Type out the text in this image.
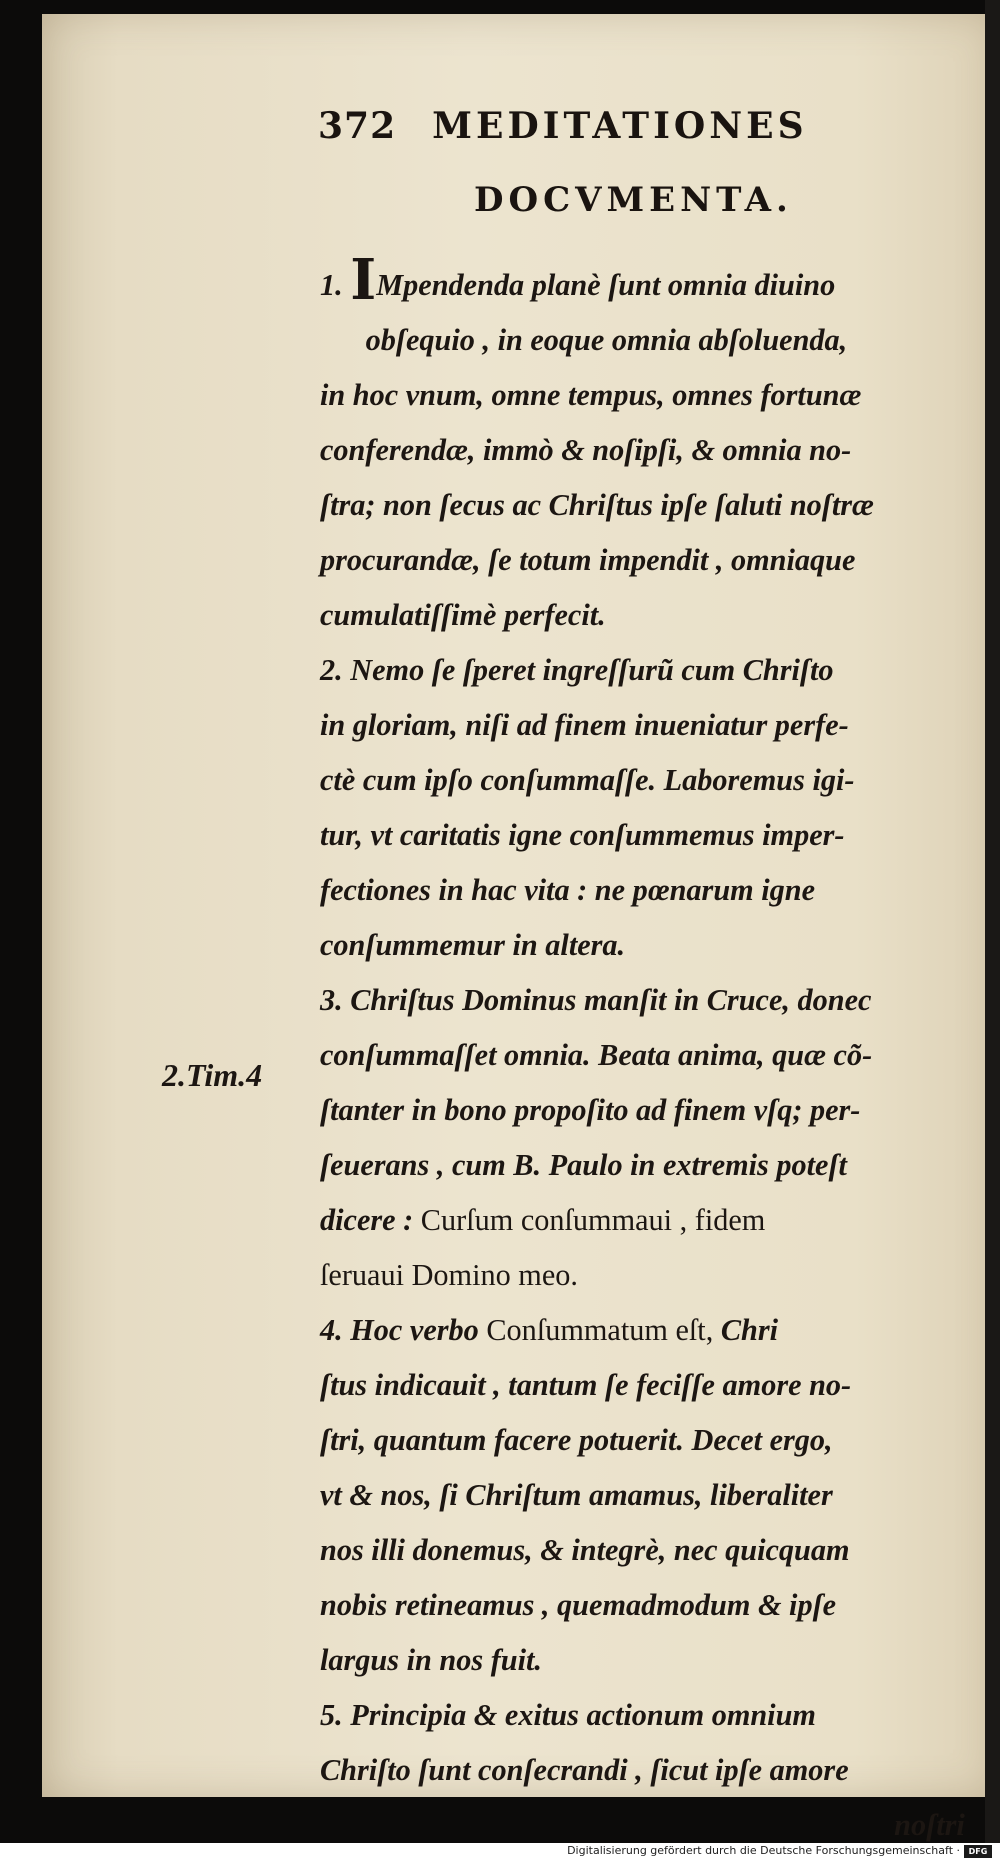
372 MEDITATIONES
DOCVMENTA.
2.Tim.4
1. IMpendenda planè ſunt omnia diuino
obſequio , in eoque omnia abſoluenda,
in hoc vnum, omne tempus, omnes fortunæ
conferendæ, immò & noſipſi, & omnia no-
ſtra; non ſecus ac Chriſtus ipſe ſaluti noſtræ
procurandæ, ſe totum impendit , omniaque
cumulatiſſimè perfecit.
2. Nemo ſe ſperet ingreſſurũ cum Chriſto
in gloriam, niſi ad finem inueniatur perfe-
ctè cum ipſo conſummaſſe. Laboremus igi-
tur, vt caritatis igne conſummemus imper-
fectiones in hac vita : ne pœnarum igne
conſummemur in altera.
3. Chriſtus Dominus manſit in Cruce, donec
conſummaſſet omnia. Beata anima, quæ cõ-
ſtanter in bono propoſito ad finem vſq; per-
ſeuerans , cum B. Paulo in extremis poteſt
dicere : Curſum conſummaui , fidem
ſeruaui Domino meo.
4. Hoc verbo Conſummatum eſt, Chri
ſtus indicauit , tantum ſe feciſſe amore no-
ſtri, quantum facere potuerit. Decet ergo,
vt & nos, ſi Chriſtum amamus, liberaliter
nos illi donemus, & integrè, nec quicquam
nobis retineamus , quemadmodum & ipſe
largus in nos fuit.
5. Principia & exitus actionum omnium
Chriſto ſunt conſecrandi , ſicut ipſe amore
noſtri
Digitalisierung gefördert durch die Deutsche Forschungsgemeinschaft ·	DFG
